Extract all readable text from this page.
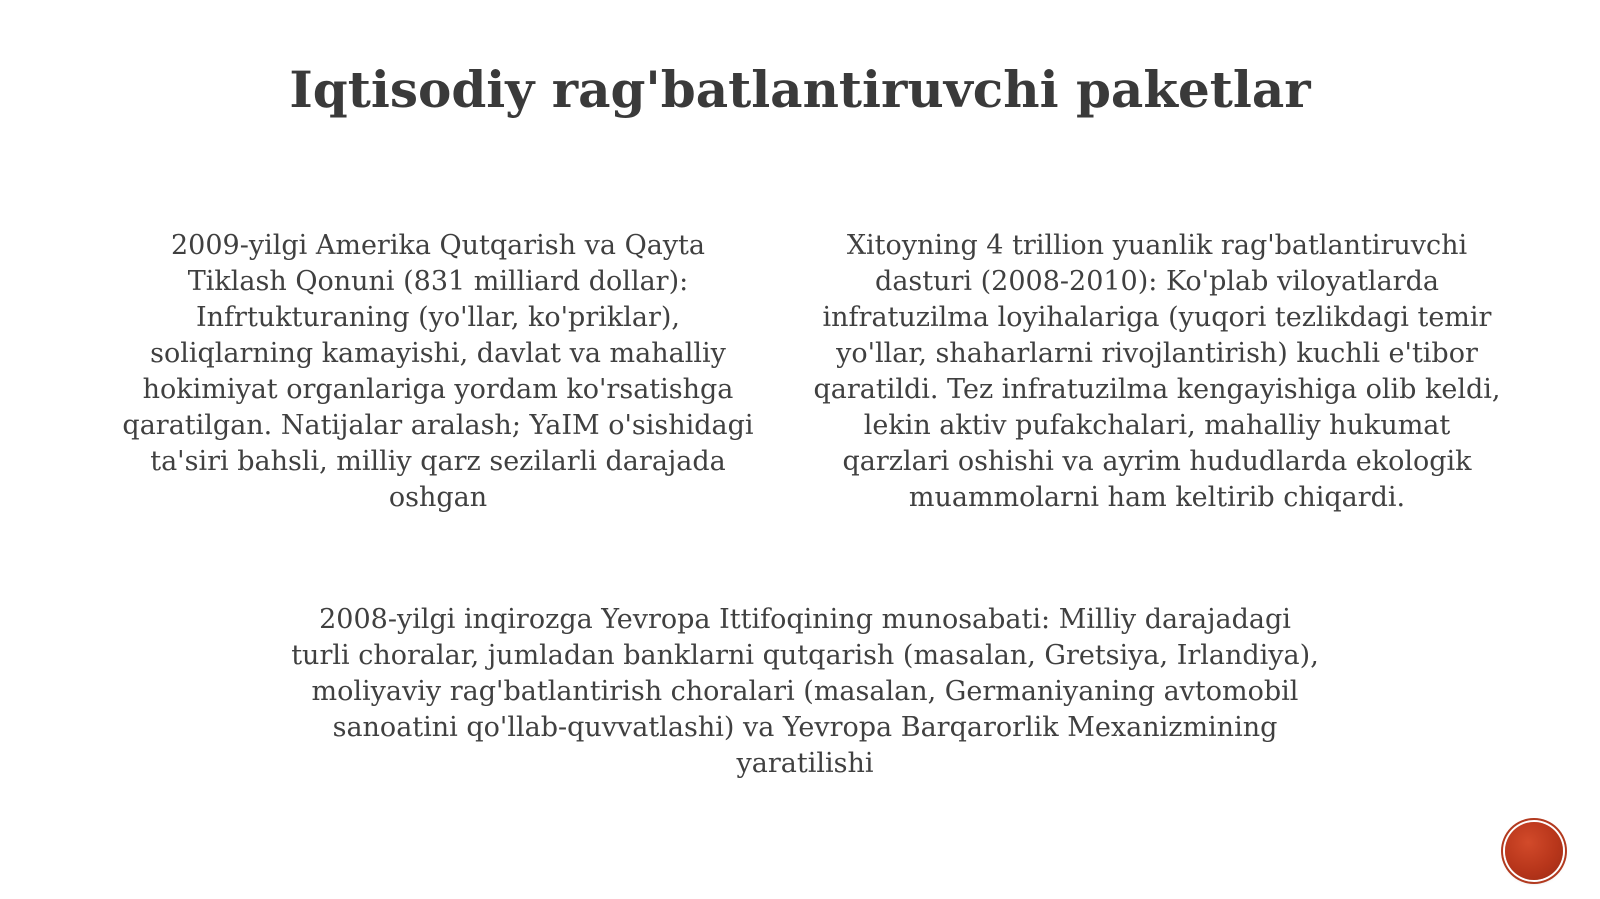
Iqtisodiy rag'batlantiruvchi paketlar

2009-yilgi Amerika Qutqarish va Qayta Tiklash Qonuni (831 milliard dollar): Infrtukturaning (yo'llar, ko'priklar), soliqlarning kamayishi, davlat va mahalliy hokimiyat organlariga yordam ko'rsatishga qaratilgan. Natijalar aralash; YaIM o'sishidagi ta'siri bahsli, milliy qarz sezilarli darajada oshgan

Xitoyning 4 trillion yuanlik rag'batlantiruvchi dasturi (2008-2010): Ko'plab viloyatlarda infratuzilma loyihalariga (yuqori tezlikdagi temir yo'llar, shaharlarni rivojlantirish) kuchli e'tibor qaratildi. Tez infratuzilma kengayishiga olib keldi, lekin aktiv pufakchalari, mahalliy hukumat qarzlari oshishi va ayrim hududlarda ekologik muammolarni ham keltirib chiqardi.

2008-yilgi inqirozga Yevropa Ittifoqining munosabati: Milliy darajadagi turli choralar, jumladan banklarni qutqarish (masalan, Gretsiya, Irlandiya), moliyaviy rag'batlantirish choralari (masalan, Germaniyaning avtomobil sanoatini qo'llab-quvvatlashi) va Yevropa Barqarorlik Mexanizmining yaratilishi
